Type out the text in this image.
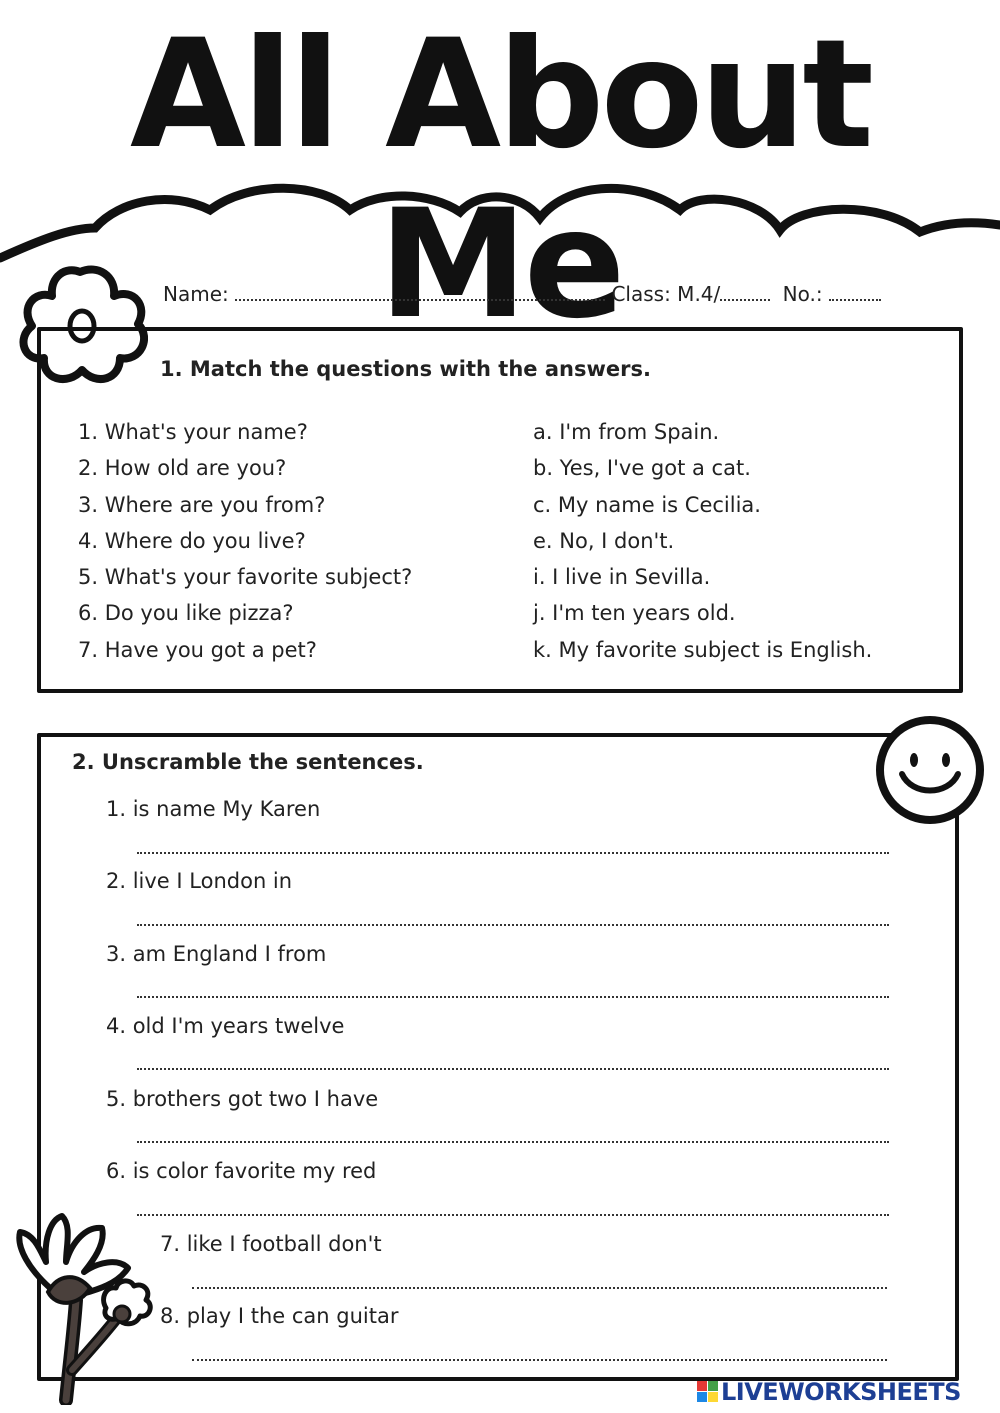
All About Me
Name:	Class: M.4/	No.:
1. Match the questions with the answers.
1. What's your name?
2. How old are you?
3. Where are you from?
4. Where do you live?
5. What's your favorite subject?
6. Do you like pizza?
7. Have you got a pet?
a. I'm from Spain.
b. Yes, I've got a cat.
c. My name is Cecilia.
e. No, I don't.
i. I live in Sevilla.
j. I'm ten years old.
k. My favorite subject is English.
2. Unscramble the sentences.
1. is name My Karen
2. live I London in
3. am England I from
4. old I'm years twelve
5. brothers got two I have
6. is color favorite my red
7. like I football don't
8. play I the can guitar
LIVEWORKSHEETS
